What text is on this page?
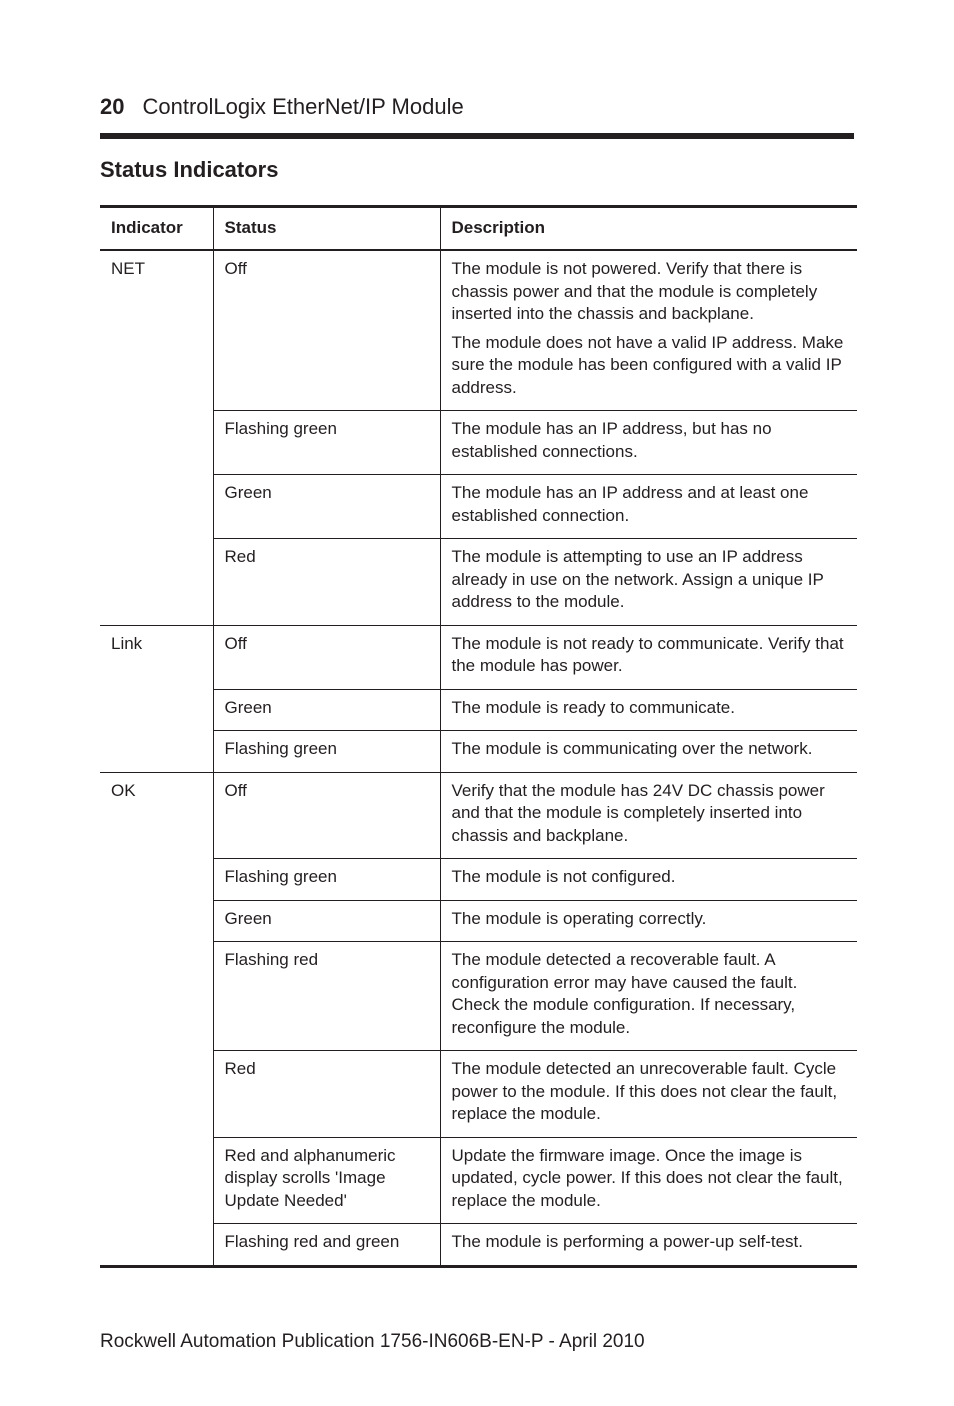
20 ControlLogix EtherNet/IP Module
Status Indicators
Indicator	Status	Description
NET	Off	The module is not powered. Verify that there is chassis power and that the module is completely inserted into the chassis and backplane.

The module does not have a valid IP address. Make sure the module has been configured with a valid IP address.

	Flashing green	The module has an IP address, but has no established connections.

	Green	The module has an IP address and at least one established connection.

	Red	The module is attempting to use an IP address already in use on the network. Assign a unique IP address to the module.

Link	Off	The module is not ready to communicate. Verify that the module has power.

	Green	The module is ready to communicate.

	Flashing green	The module is communicating over the network.

OK	Off	Verify that the module has 24V DC chassis power and that the module is completely inserted into chassis and backplane.

	Flashing green	The module is not configured.

	Green	The module is operating correctly.

	Flashing red	The module detected a recoverable fault. A configuration error may have caused the fault. Check the module configuration. If necessary, reconfigure the module.

	Red	The module detected an unrecoverable fault. Cycle power to the module. If this does not clear the fault, replace the module.

	Red and alphanumeric display scrolls 'Image Update Needed'	Update the firmware image. Once the image is updated, cycle power. If this does not clear the fault, replace the module.

	Flashing red and green	The module is performing a power-up self-test.

Rockwell Automation Publication 1756-IN606B-EN-P - April 2010
